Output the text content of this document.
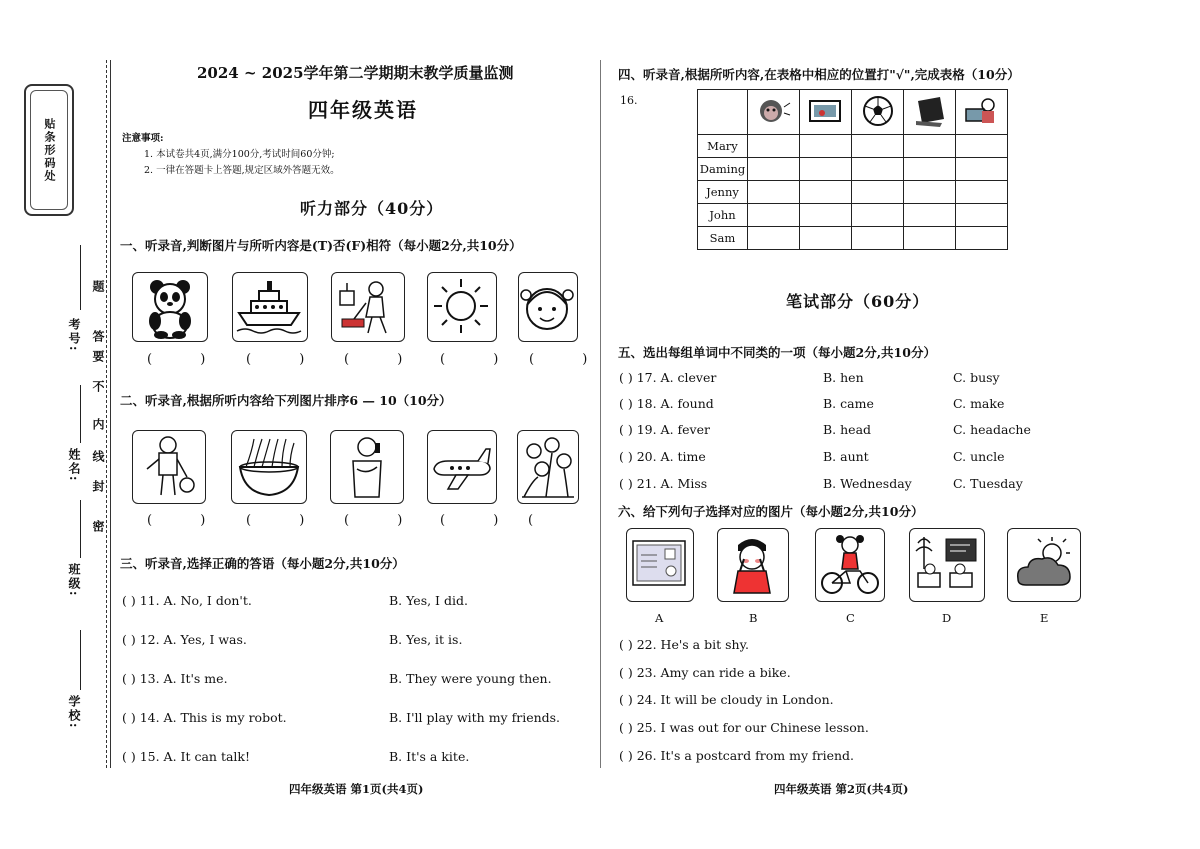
贴条形码处
题
答
要
不
内
线
封
密
考号:
姓名:
班级:
学校:
2024 ~ 2025学年第二学期期末教学质量监测
四年级英语
注意事项:
1. 本试卷共4页,满分100分,考试时间60分钟;
2. 一律在答题卡上答题,规定区域外答题无效。
听力部分（40分）
一、听录音,判断图片与所听内容是(T)否(F)相符（每小题2分,共10分）
( ) ( ) ( ) ( ) ( )
二、听录音,根据所听内容给下列图片排序6 — 10（10分）
( ) ( ) ( ) ( ) (
三、听录音,选择正确的答语（每小题2分,共10分）
( ) 11. A. No, I don't.	B. Yes, I did.
( ) 12. A. Yes, I was.	B. Yes, it is.
( ) 13. A. It's me.	B. They were young then.
( ) 14. A. This is my robot.	B. I'll play with my friends.
( ) 15. A. It can talk!	B. It's a kite.
四年级英语 第1页(共4页)
四、听录音,根据所听内容,在表格中相应的位置打"√",完成表格（10分）
16.

Mary					
Daming					
Jenny					
John					
Sam					
笔试部分（60分）
五、选出每组单词中不同类的一项（每小题2分,共10分）
( ) 17. A. clever	B. hen	C. busy
( ) 18. A. found	B. came	C. make
( ) 19. A. fever	B. head	C. headache
( ) 20. A. time	B. aunt	C. uncle
( ) 21. A. Miss	B. Wednesday	C. Tuesday
六、给下列句子选择对应的图片（每小题2分,共10分）
A	B	C	D	E
( ) 22. He's a bit shy.
( ) 23. Amy can ride a bike.
( ) 24. It will be cloudy in London.
( ) 25. I was out for our Chinese lesson.
( ) 26. It's a postcard from my friend.
四年级英语 第2页(共4页)
